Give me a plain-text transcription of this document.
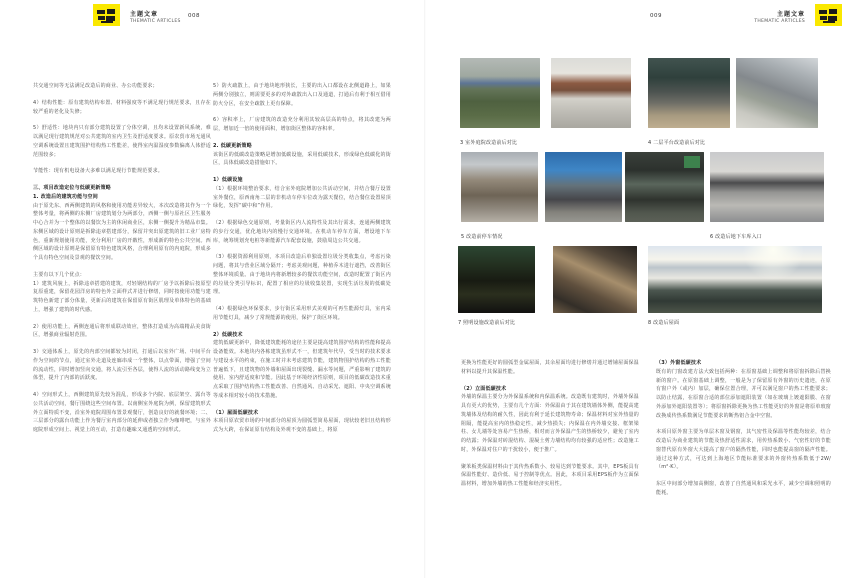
主题文章
THEMATIC ARTICLES
008	009	主题文章
THEMATIC ARTICLES

共交通空间等无法满足改造后的商业、办公功能要求；

4）结构性能：原有建筑结构布置、材料强度等不满足现行规范要求，且存在较严重的老化及失修；

5）舒适性：地块内只有部分建筑设置了分体空调，且均未设置新风系统，难以满足现行建筑规范对公共建筑的室内卫生及舒适度要求。原农贸市场无通风空调系统设置且建筑围护结构热工性能差，使得室内温湿度参数偏离人体舒适范围较多；

节能性：现有机电设备大多难以满足现行节能规范要求。

三、项目改造定位与低碳更新策略

1. 改造后的建筑功能与空间

由于原先东、西两侧建筑的风格和使用功能差异较大，本次改造将其作为一个整体考量，将两侧的东侧厂房建筑划分为两部分，西侧一侧与原社区卫生服务中心合并为一个整体的以餐饮为主的休闲商业区，东侧一侧提升为精品市集。东侧区域的设计原则是拆除违章搭建部分，保留并突出原建筑的旧工业厂房特色，重新规划使用功能，充分利用厂房的开敞性，形成新的特色公共空间。西侧区域的设计原则是保留原有特色建筑风格，合理利用原有的内庭院，形成多个具有特色空间及景观的餐饮空间。

主要有以下几个优点：

1）建筑风貌上，拆除违章搭建的建筑，对轻钢结构的厂房予以拆除后按原型复原重建，保留花园洋房的特色外立面样式并进行修缮，同时按使用功能与建筑特色新建了部分体量，更新后的建筑在保留原有街区肌理及单体特色的基础上，增强了建筑的时代感。

2）使用功能上，两侧连通后将形成联动效应，整体打造成为高端精品美食街区，增强商业辐射范围。

3）交通体系上，原先的内部空间都较为封闭，打通后以室外广场、中间平台作为空间的节点，通过室外走道及连廊串成一个整体，以点带面，增强了空间的流动性，同时增加竖向交通，将人流引至各层，使得人流的活动路线变为立体型，提升了内部的活跃度。

4）空间形式上，西侧建筑原先较为混乱，形成多个内院、底层架空、露台等公共活动空间，餐厅围绕这些空间布置。以南侧室外庭院为例，保留建筑形式外立面特质不变，沿室外庭院周围布置景观餐厅，创造良好的就餐环境；二、三层部分的露台功能上作为餐厅室内部分的延伸或者独立作为咖啡吧，与室外庭院形成空间上、视觉上的互动，打造有趣味又通透的空间形式。

5）防火疏散上，由于地块地形狭长，主要的出入口都设在北侧道路上，如果两侧分别独立，则需要更多的对外疏散出入口及通道，打通后有利于相互借用防火分区，在安全疏散上更有保障。

6）容积率上，厂房建筑的改造充分利用其较高层高的特点，将其改建为两层，增加近一倍的使用面积，增加街区整体的容积率。

2. 低碳更新策略

该街区的低碳改造策略是增加低碳设施，采用低碳技术，形成绿色低碳化的街区，具体低碳改造措施如下。

1）低碳设施

（1）根据环境整治要求，结合室外庭院增加公共活动空间，并结合餐厅设置室外餐位，原西南角二层的非机动车停车位改为露天餐位，结合餐位设置屋顶绿化，发挥“碳中和”作用。

（2）根据绿色交通原则，考量街区内人流特性及其出行需求，连通两侧建筑的步行交通，优化地块内的慢行交通环境。在机动车停车方面，增设地下车库，统筹规划充电桩等新能源汽车配套设施，鼓励周边公共交通。

（3）根据资源利用原则，本项目改造后单独设置垃圾分类收集点，考虑污染问题，将其与营业区域分隔开；考虑美观问题，种植乔木进行遮挡，改善街区整体环境质量。由于地块内将新增较多的餐饮功能空间，改造时配置了街区内的垃圾分类引导标识，配置了相应的垃圾收集装置，实现生活垃圾的低碳处理。

（4）根据绿色环保要求，步行街区采用形式美观的可再生能源灯具，室内采用节能灯具，减少了常规能源的使用，保护了街区环境。

2）低碳技术

建筑低碳更新中，降低建筑能耗的途径主要是提高建筑围护结构的性能和提高设备能效。本地块内各栋建筑虽形式不一，但建筑年代早，受当时的技术要求与建设水平的约束，在施工时并未考虑建筑节能，建筑物围护结构的热工性能普遍低下，且建筑物的外墙和屋面出现裂缝、漏水等问题，严重影响了建筑的使用、室内舒适度和节能。因此基于环境经济性原则，项目的低碳改造技术重点采取了围护结构热工性能改善、自然通风、自动采光、遮阳、中央空调系统等成本相对较小的技术措施。

（1）屋面低碳技术

本项目原农贸市场的中间部分的屋顶为圆弧型简易屋面，现状较老旧且结构形式为大跨，在保证原有结构及外观不变的基础上，将原

3 室外庭院改造前后对比	4 二层平台改造前后对比
5 改造前停车情况	6 改造后地下车库入口
7 照明设施改造前后对比	8 改造后屋面

更换为性能更好的圆弧型金属屋面，其余屋面均进行修缮并通过增铺屋面保温材料以提升其保温性能。

（2）立面低碳技术

外墙的保温主要分为外保温系统和内保温系统。改造既有建筑时，外墙外保温具有更大的优势，主要有几个方面：外保温由于其在建筑墙体外侧，能提高建筑墙体及结构的耐久性，因此有利于延长建筑物寿命；保温材料对室外热量的阻隔，能提高室内的热稳定性，减少热损失；内保温在内外墙交接、框架梁柱、女儿墙等处容易产生热桥，相对而言外保温产生的热桥较少，避免了室内的结露；外保温对砖混结构、混凝土剪力墙结构均有较强的适应性；改造施工时，外保温对住户的干扰较小，便于推广。

聚苯板类保温材料由于其传热系数小、较易达到节能要求。其中，EPS板具有保温性能好、造价低、易于控制等优点。因此，本项目采用EPS板作为立面保温材料，增加外墙的热工性能和经济实用性。

（3）外窗低碳技术

既有的门窗改建方法大致包括两种：在原窗基础上调整和将原窗拆除后替换新的窗户。在原窗基础上调整，一般是为了保留原有外窗的历史遗迹，在原有窗户外（或内）加层，确保位置合理，并可以满足窗户的热工性能要求；以防止结露，在原窗合适的部位添加遮阳装置（如在玻璃上镀遮阳膜、在窗外添加外遮阳装置等）；将原窗拆除更换为热工性能更好的外窗是将原单玻窗改换成传热系数满足节能要求的断热铝合金中空窗。

本项目原外窗主要为单层木窗及钢窗，其气密性及保温等性能均较差，结合改造后为商业建筑的节能及热舒适性需求，用传热系数小、气密性好的节能窗替代原有外窗大大提高了窗户的隔热性能，同时也能提高窗的隔声性能。通过这种方式，可达到上海地区节能标准要求的外窗传热系数低于2W/（m²·K）。

东区中间部分增加高侧窗，改善了自然通风和采光水平，减少空调和照明的能耗。
